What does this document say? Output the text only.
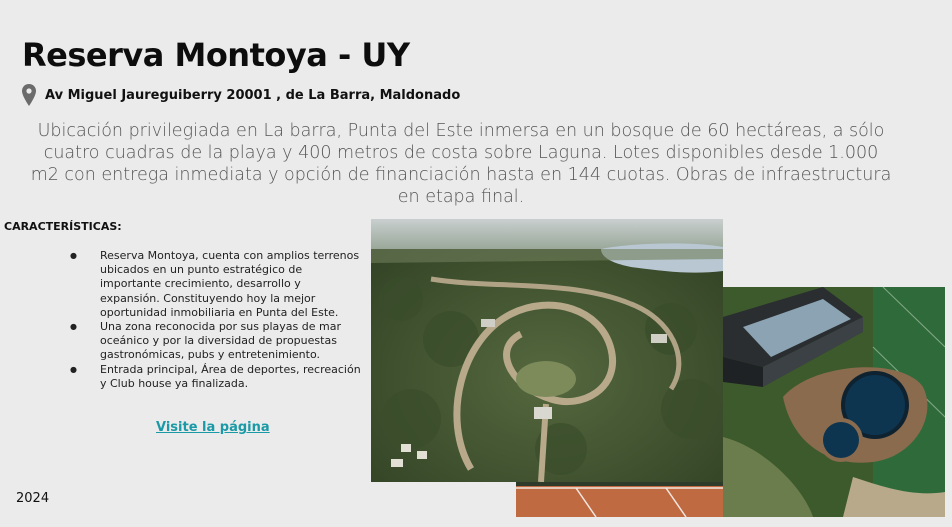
Reserva Montoya - UY
Av Miguel Jaureguiberry 20001 , de La Barra, Maldonado

Ubicación privilegiada en La barra, Punta del Este inmersa en un bosque de 60 hectáreas, a sólo cuatro cuadras de la playa y 400 metros de costa sobre Laguna. Lotes disponibles desde 1.000 m2 con entrega inmediata y opción de financiación hasta en 144 cuotas. Obras de infraestructura en etapa final.

CARACTERÍSTICAS:
● Reserva Montoya, cuenta con amplios terrenos ubicados en un punto estratégico de importante crecimiento, desarrollo y expansión. Constituyendo hoy la mejor oportunidad inmobiliaria en Punta del Este.
● Una zona reconocida por sus playas de mar oceánico y por la diversidad de propuestas gastronómicas, pubs y entretenimiento.
● Entrada principal, Área de deportes, recreación y Club house ya finalizada.
Visite la página
2024
